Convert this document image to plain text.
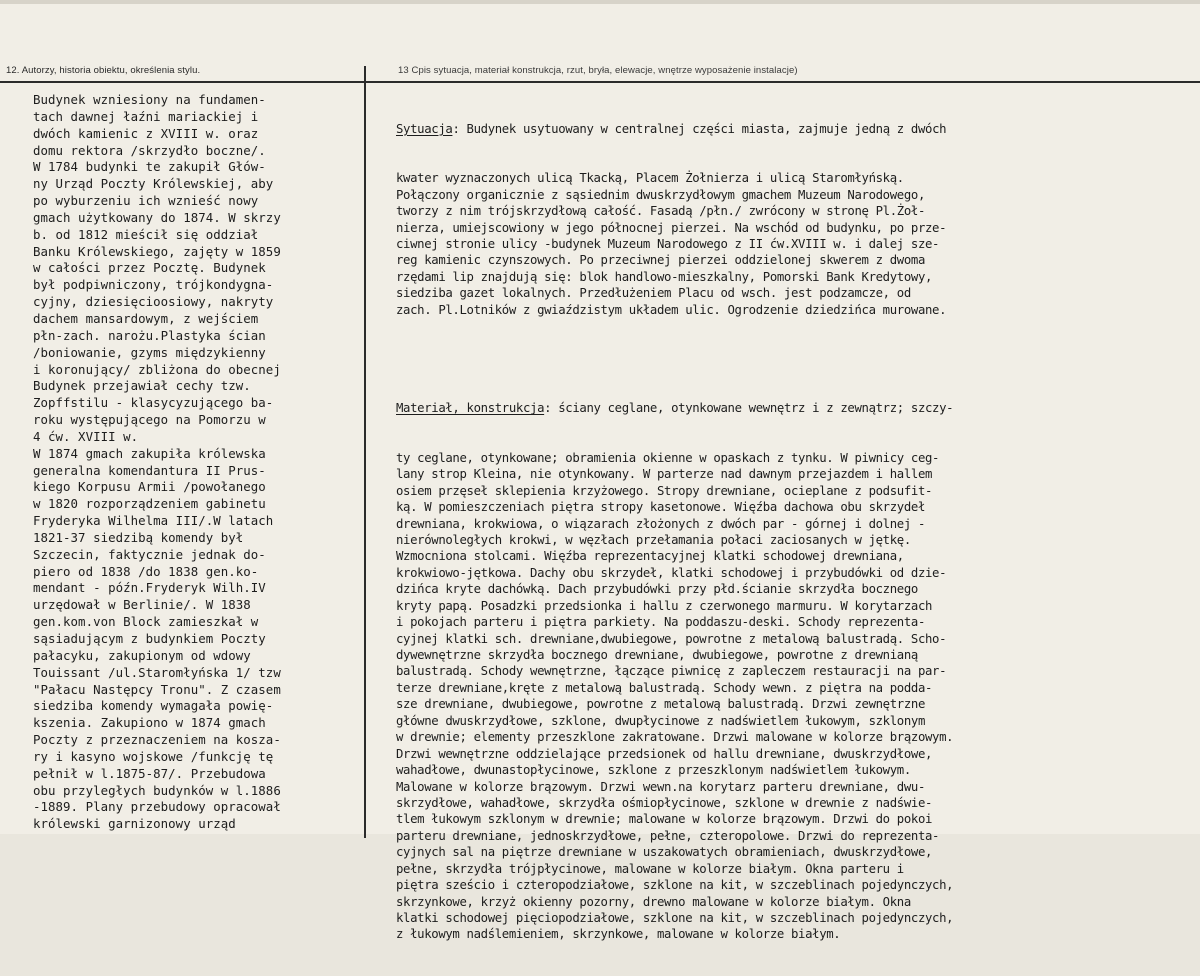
12. Autorzy, historia obiektu, określenia stylu.	13 Cpis sytuacja, materiał konstrukcja, rzut, bryła, elewacje, wnętrze wyposażenie instalacje)
Budynek wzniesiony na fundamen-
tach dawnej łaźni mariackiej i
dwóch kamienic z XVIII w. oraz
domu rektora /skrzydło boczne/.
W 1784 budynki te zakupił Głów-
ny Urząd Poczty Królewskiej, aby
po wyburzeniu ich wznieść nowy
gmach użytkowany do 1874. W skrzy
b. od 1812 mieścił się oddział
Banku Królewskiego, zajęty w 1859
w całości przez Pocztę. Budynek
był podpiwniczony, trójkondygna-
cyjny, dziesięcioosiowy, nakryty
dachem mansardowym, z wejściem
płn-zach. narożu.Plastyka ścian
/boniowanie, gzyms międzykienny
i koronujący/ zbliżona do obecnej
Budynek przejawiał cechy tzw.
Zopffstilu - klasycyzującego ba-
roku występującego na Pomorzu w
4 ćw. XVIII w.
W 1874 gmach zakupiła królewska
generalna komendantura II Prus-
kiego Korpusu Armii /powołanego
w 1820 rozporządzeniem gabinetu
Fryderyka Wilhelma III/.W latach
1821-37 siedzibą komendy był
Szczecin, faktycznie jednak do-
piero od 1838 /do 1838 gen.ko-
mendant - późn.Fryderyk Wilh.IV
urzędował w Berlinie/. W 1838
gen.kom.von Block zamieszkał w
sąsiadującym z budynkiem Poczty
pałacyku, zakupionym od wdowy
Touissant /ul.Staromłyńska 1/ tzw
"Pałacu Następcy Tronu". Z czasem
siedziba komendy wymagała powię-
kszenia. Zakupiono w 1874 gmach
Poczty z przeznaczeniem na kosza-
ry i kasyno wojskowe /funkcję tę
pełnił w l.1875-87/. Przebudowa
obu przyległych budynków w l.1886
-1889. Plany przebudowy opracował
królewski garnizonowy urząd

Sytuacja: Budynek usytuowany w centralnej części miasta, zajmuje jedną z dwóch

kwater wyznaczonych ulicą Tkacką, Placem Żołnierza i ulicą Staromłyńską.
Połączony organicznie z sąsiednim dwuskrzydłowym gmachem Muzeum Narodowego,
tworzy z nim trójskrzydłową całość. Fasadą /płn./ zwrócony w stronę Pl.Żoł-
nierza, umiejscowiony w jego północnej pierzei. Na wschód od budynku, po prze-
ciwnej stronie ulicy -budynek Muzeum Narodowego z II ćw.XVIII w. i dalej sze-
reg kamienic czynszowych. Po przeciwnej pierzei oddzielonej skwerem z dwoma
rzędami lip znajdują się: blok handlowo-mieszkalny, Pomorski Bank Kredytowy,
siedziba gazet lokalnych. Przedłużeniem Placu od wsch. jest podzamcze, od
zach. Pl.Lotników z gwiaździstym układem ulic. Ogrodzenie dziedzińca murowane.

Materiał, konstrukcja: ściany ceglane, otynkowane wewnętrz i z zewnątrz; szczy-

ty ceglane, otynkowane; obramienia okienne w opaskach z tynku. W piwnicy ceg-
lany strop Kleina, nie otynkowany. W parterze nad dawnym przejazdem i hallem
osiem przęseł sklepienia krzyżowego. Stropy drewniane, ocieplane z podsufit-
ką. W pomieszczeniach piętra stropy kasetonowe. Więźba dachowa obu skrzydeł
drewniana, krokwiowa, o wiązarach złożonych z dwóch par - górnej i dolnej -
nierównoległych krokwi, w węzłach przełamania połaci zaciosanych w jętkę.
Wzmocniona stolcami. Więźba reprezentacyjnej klatki schodowej drewniana,
krokwiowo-jętkowa. Dachy obu skrzydeł, klatki schodowej i przybudówki od dzie-
dzińca kryte dachówką. Dach przybudówki przy płd.ścianie skrzydła bocznego
kryty papą. Posadzki przedsionka i hallu z czerwonego marmuru. W korytarzach
i pokojach parteru i piętra parkiety. Na poddaszu-deski. Schody reprezenta-
cyjnej klatki sch. drewniane,dwubiegowe, powrotne z metalową balustradą. Scho-
dywewnętrzne skrzydła bocznego drewniane, dwubiegowe, powrotne z drewnianą
balustradą. Schody wewnętrzne, łączące piwnicę z zapleczem restauracji na par-
terze drewniane,kręte z metalową balustradą. Schody wewn. z piętra na podda-
sze drewniane, dwubiegowe, powrotne z metalową balustradą. Drzwi zewnętrzne
główne dwuskrzydłowe, szklone, dwupłycinowe z nadświetlem łukowym, szklonym
w drewnie; elementy przeszklone zakratowane. Drzwi malowane w kolorze brązowym.
Drzwi wewnętrzne oddzielające przedsionek od hallu drewniane, dwuskrzydłowe,
wahadłowe, dwunastopłycinowe, szklone z przeszklonym nadświetlem łukowym.
Malowane w kolorze brązowym. Drzwi wewn.na korytarz parteru drewniane, dwu-
skrzydłowe, wahadłowe, skrzydła ośmiopłycinowe, szklone w drewnie z nadświe-
tlem łukowym szklonym w drewnie; malowane w kolorze brązowym. Drzwi do pokoi
parteru drewniane, jednoskrzydłowe, pełne, czteropolowe. Drzwi do reprezenta-
cyjnych sal na piętrze drewniane w uszakowatych obramieniach, dwuskrzydłowe,
pełne, skrzydła trójpłycinowe, malowane w kolorze białym. Okna parteru i
piętra sześcio i czteropodziałowe, szklone na kit, w szczeblinach pojedynczych,
skrzynkowe, krzyż okienny pozorny, drewno malowane w kolorze białym. Okna
klatki schodowej pięciopodziałowe, szklone na kit, w szczeblinach pojedynczych,
z łukowym nadślemieniem, skrzynkowe, malowane w kolorze białym.
